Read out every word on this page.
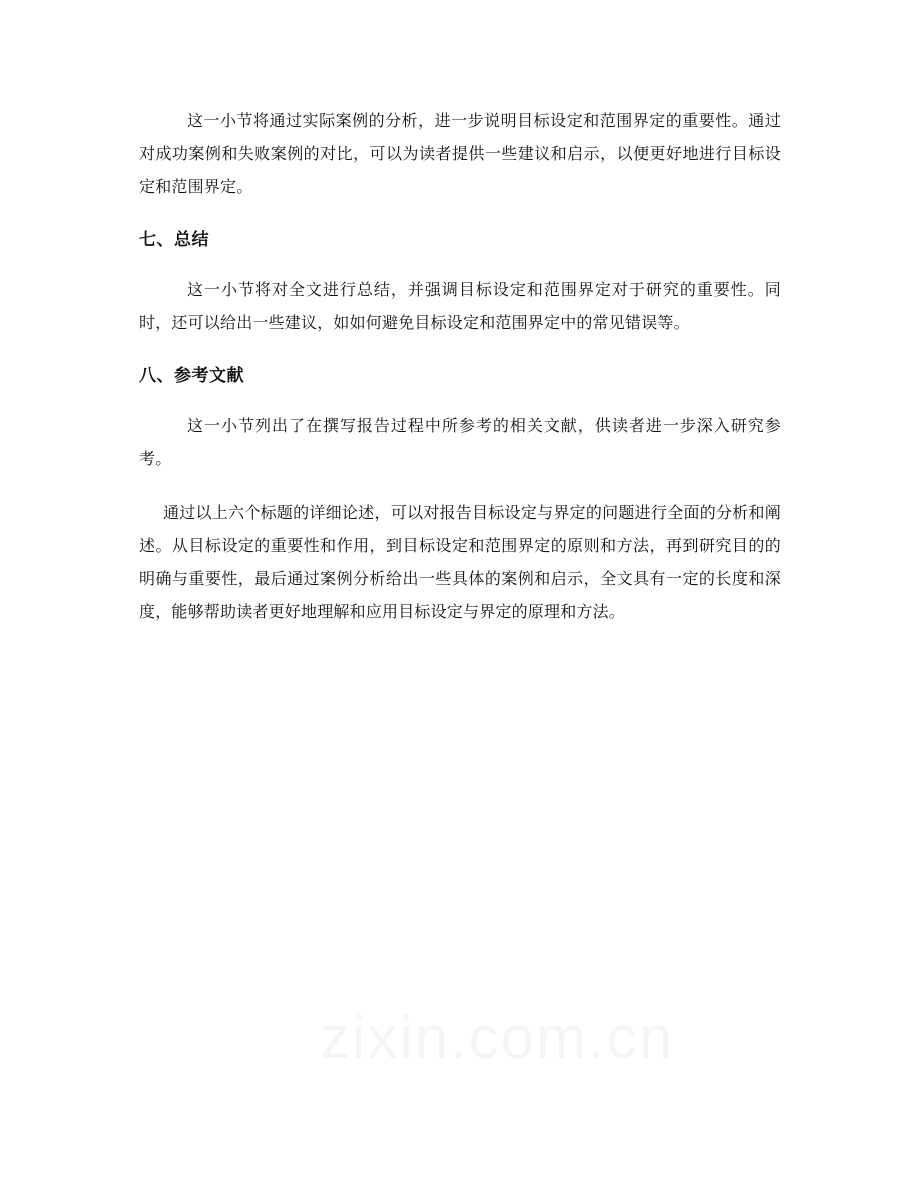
这一小节将通过实际案例的分析，进一步说明目标设定和范围界定的重要性。通过对成功案例和失败案例的对比，可以为读者提供一些建议和启示，以便更好地进行目标设定和范围界定。

七、总结

这一小节将对全文进行总结，并强调目标设定和范围界定对于研究的重要性。同时，还可以给出一些建议，如如何避免目标设定和范围界定中的常见错误等。

八、参考文献

这一小节列出了在撰写报告过程中所参考的相关文献，供读者进一步深入研究参考。

通过以上六个标题的详细论述，可以对报告目标设定与界定的问题进行全面的分析和阐述。从目标设定的重要性和作用，到目标设定和范围界定的原则和方法，再到研究目的的明确与重要性，最后通过案例分析给出一些具体的案例和启示，全文具有一定的长度和深度，能够帮助读者更好地理解和应用目标设定与界定的原理和方法。
